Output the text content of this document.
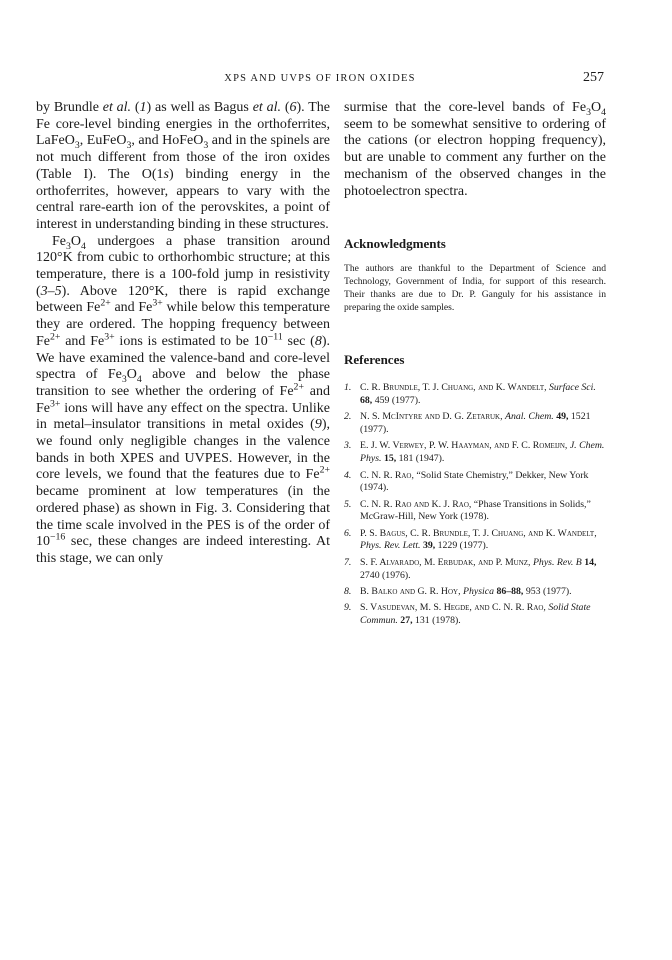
XPS AND UVPS OF IRON OXIDES	257

by Brundle et al. (1) as well as Bagus et al. (6). The Fe core-level binding energies in the orthoferrites, LaFeO$_3$, EuFeO$_3$, and HoFeO$_3$ and in the spinels are not much different from those of the iron oxides (Table I). The O(1s) binding energy in the orthoferrites, however, appears to vary with the central rare-earth ion of the perovskites, a point of interest in understanding binding in these structures.

$Fe_3O_4$ undergoes a phase transition around 120°K from cubic to orthorhombic structure; at this temperature, there is a 100-fold jump in resistivity (3–5). Above 120°K, there is rapid exchange between $Fe^{2+}$ and $Fe^{3+}$ while below this temperature they are ordered. The hopping frequency between $Fe^{2+}$ and $Fe^{3+}$ ions is estimated to be $10^{-11}$ sec (8). We have examined the valence-band and core-level spectra of $Fe_3O_4$ above and below the phase transition to see whether the ordering of $Fe^{2+}$ and $Fe^{3+}$ ions will have any effect on the spectra. Unlike in metal–insulator transitions in metal oxides (9), we found only negligible changes in the valence bands in both XPES and UVPES. However, in the core levels, we found that the features due to $Fe^{2+}$ became prominent at low temperatures (in the ordered phase) as shown in Fig. 3. Considering that the time scale involved in the PES is of the order of $10^{-16}$ sec, these changes are indeed interesting. At this stage, we can only

surmise that the core-level bands of $Fe_3O_4$ seem to be somewhat sensitive to ordering of the cations (or electron hopping frequency), but are unable to comment any further on the mechanism of the observed changes in the photoelectron spectra.

Acknowledgments

The authors are thankful to the Department of Science and Technology, Government of India, for support of this research. Their thanks are due to Dr. P. Ganguly for his assistance in preparing the oxide samples.

References
1. C. R. Brundle, T. J. Chuang, and K. Wandelt, Surface Sci. 68, 459 (1977).
2. N. S. McIntyre and D. G. Zetaruk, Anal. Chem. 49, 1521 (1977).
3. E. J. W. Verwey, P. W. Haayman, and F. C. Romeijn, J. Chem. Phys. 15, 181 (1947).
4. C. N. R. Rao, “Solid State Chemistry,” Dekker, New York (1974).
5. C. N. R. Rao and K. J. Rao, “Phase Transitions in Solids,” McGraw-Hill, New York (1978).
6. P. S. Bagus, C. R. Brundle, T. J. Chuang, and K. Wandelt, Phys. Rev. Lett. 39, 1229 (1977).
7. S. F. Alvarado, M. Erbudak, and P. Munz, Phys. Rev. B 14, 2740 (1976).
8. B. Balko and G. R. Hoy, Physica 86–88, 953 (1977).
9. S. Vasudevan, M. S. Hegde, and C. N. R. Rao, Solid State Commun. 27, 131 (1978).
